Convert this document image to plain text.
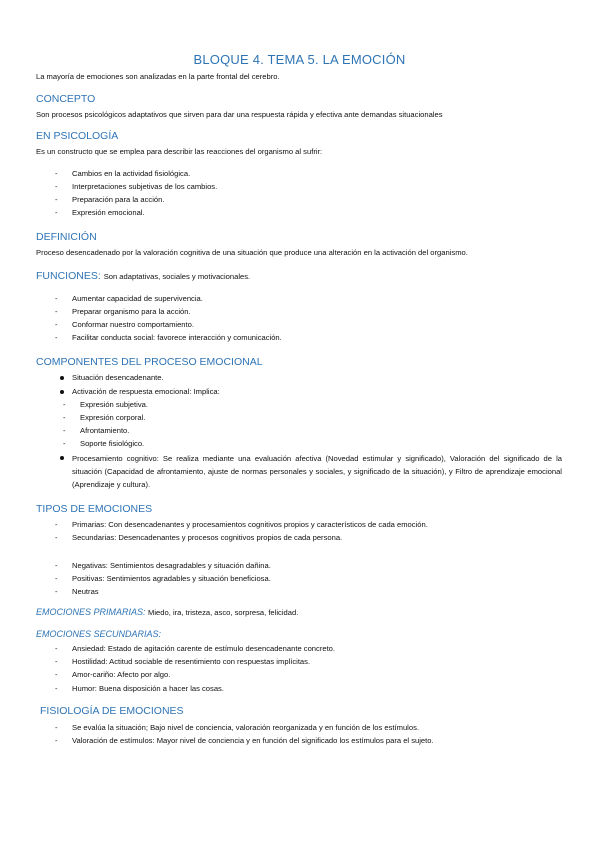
BLOQUE 4. TEMA 5. LA EMOCIÓN
La mayoría de emociones son analizadas en la parte frontal del cerebro.
CONCEPTO
Son procesos psicológicos adaptativos que sirven para dar una respuesta rápida y efectiva ante demandas situacionales
EN PSICOLOGÍA
Es un constructo que se emplea para describir las reacciones del organismo al sufrir:
- Cambios en la actividad fisiológica.
- Interpretaciones subjetivas de los cambios.
- Preparación para la acción.
- Expresión emocional.
DEFINICIÓN
Proceso desencadenado por la valoración cognitiva de una situación que produce una alteración en la activación del organismo.
FUNCIONES: Son adaptativas, sociales y motivacionales.
- Aumentar capacidad de supervivencia.
- Preparar organismo para la acción.
- Conformar nuestro comportamiento.
- Facilitar conducta social: favorece interacción y comunicación.
COMPONENTES DEL PROCESO EMOCIONAL
Situación desencadenante.
Activación de respuesta emocional: Implica:
- Expresión subjetiva.
- Expresión corporal.
- Afrontamiento.
- Soporte fisiológico.
Procesamiento cognitivo: Se realiza mediante una evaluación afectiva (Novedad estimular y significado), Valoración del significado de la situación (Capacidad de afrontamiento, ajuste de normas personales y sociales, y significado de la situación), y Filtro de aprendizaje emocional (Aprendizaje y cultura).
TIPOS DE EMOCIONES
- Primarias: Con desencadenantes y procesamientos cognitivos propios y característicos de cada emoción.
- Secundarias: Desencadenantes y procesos cognitivos propios de cada persona.
- Negativas: Sentimientos desagradables y situación dañina.
- Positivas: Sentimientos agradables y situación beneficiosa.
- Neutras
EMOCIONES PRIMARIAS: Miedo, ira, tristeza, asco, sorpresa, felicidad.
EMOCIONES SECUNDARIAS:
- Ansiedad: Estado de agitación carente de estímulo desencadenante concreto.
- Hostilidad: Actitud sociable de resentimiento con respuestas implícitas.
- Amor-cariño: Afecto por algo.
- Humor: Buena disposición a hacer las cosas.
FISIOLOGÍA DE EMOCIONES
- Se evalúa la situación; Bajo nivel de conciencia, valoración reorganizada y en función de los estímulos.
- Valoración de estímulos: Mayor nivel de conciencia y en función del significado los estímulos para el sujeto.
